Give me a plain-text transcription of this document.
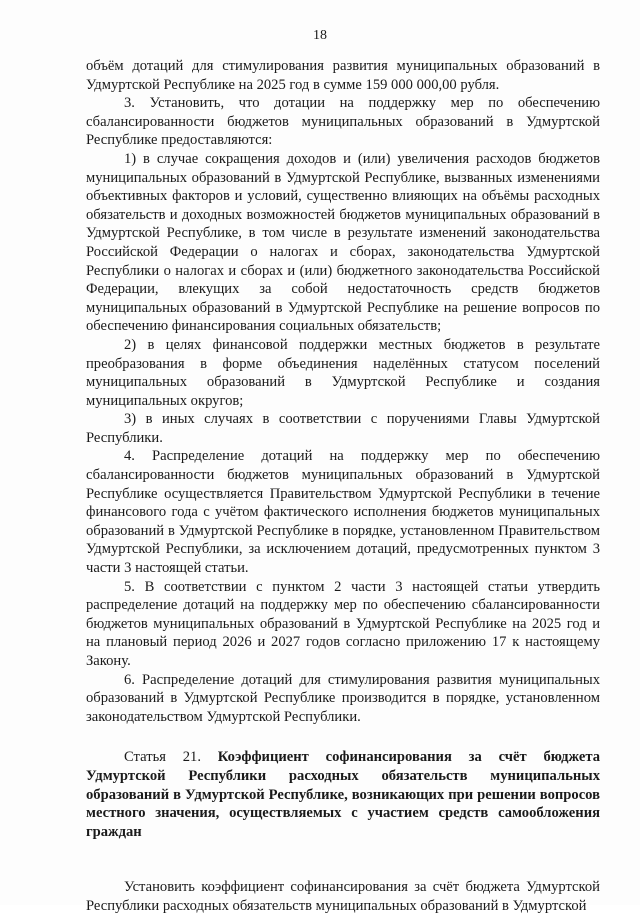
18

объём дотаций для стимулирования развития муниципальных образований в Удмуртской Республике на 2025 год в сумме 159 000 000,00 рубля.

3. Установить, что дотации на поддержку мер по обеспечению сбалансированности бюджетов муниципальных образований в Удмуртской Республике предоставляются:

1) в случае сокращения доходов и (или) увеличения расходов бюджетов муниципальных образований в Удмуртской Республике, вызванных изменениями объективных факторов и условий, существенно влияющих на объёмы расходных обязательств и доходных возможностей бюджетов муниципальных образований в Удмуртской Республике, в том числе в результате изменений законодательства Российской Федерации о налогах и сборах, законодательства Удмуртской Республики о налогах и сборах и (или) бюджетного законодательства Российской Федерации, влекущих за собой недостаточность средств бюджетов муниципальных образований в Удмуртской Республике на решение вопросов по обеспечению финансирования социальных обязательств;

2) в целях финансовой поддержки местных бюджетов в результате преобразования в форме объединения наделённых статусом поселений муниципальных образований в Удмуртской Республике и создания муниципальных округов;

3) в иных случаях в соответствии с поручениями Главы Удмуртской Республики.

4. Распределение дотаций на поддержку мер по обеспечению сбалансированности бюджетов муниципальных образований в Удмуртской Республике осуществляется Правительством Удмуртской Республики в течение финансового года с учётом фактического исполнения бюджетов муниципальных образований в Удмуртской Республике в порядке, установленном Правительством Удмуртской Республики, за исключением дотаций, предусмотренных пунктом 3 части 3 настоящей статьи.

5. В соответствии с пунктом 2 части 3 настоящей статьи утвердить распределение дотаций на поддержку мер по обеспечению сбалансированности бюджетов муниципальных образований в Удмуртской Республике на 2025 год и на плановый период 2026 и 2027 годов согласно приложению 17 к настоящему Закону.

6. Распределение дотаций для стимулирования развития муниципальных образований в Удмуртской Республике производится в порядке, установленном законодательством Удмуртской Республики.

Статья 21. Коэффициент софинансирования за счёт бюджета Удмуртской Республики расходных обязательств муниципальных образований в Удмуртской Республике, возникающих при решении вопросов местного значения, осуществляемых с участием средств самообложения граждан

Установить коэффициент софинансирования за счёт бюджета Удмуртской Республики расходных обязательств муниципальных образований в Удмуртской
